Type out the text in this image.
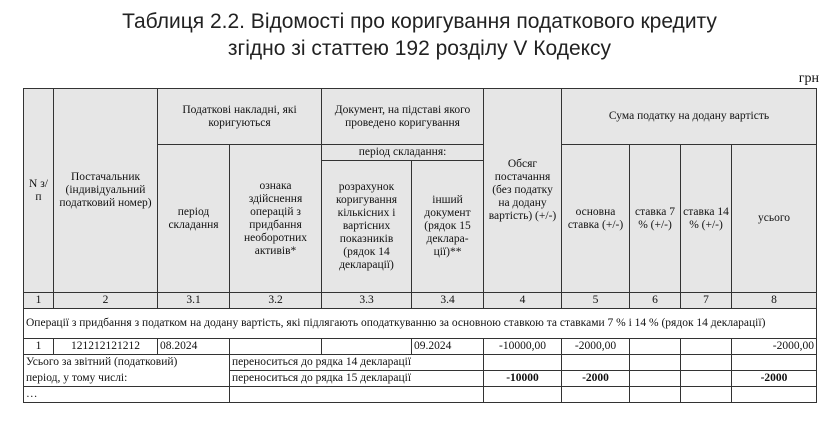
Таблиця 2.2. Відомості про коригування податкового кредиту
згідно зі статтею 192 розділу V Кодексу
грн
N з/п	Постачальник (індивідуальний податковий номер)	Податкові накладні, які коригуються		Документ, на підставі якого проведено коригування		Обсяг постачання (без податку на додану вартість) (+/-)	Сума податку на додану вартість			
		період складання	ознака здійснення операцій з придбання необоротних активів*	період складання:			основна ставка (+/-)	ставка 7 % (+/-)	ставка 14 % (+/-)	усього
				розрахунок коригування кількісних і вартісних показників (рядок 14 декларації)	інший документ (рядок 15 деклара-ції)**					
1	2	3.1	3.2	3.3	3.4	4	5	6	7	8
Операції з придбання з податком на додану вартість, які підлягають оподаткуванню за основною ставкою та ставками 7 % і 14 % (рядок 14 декларації)										
1	121212121212	08.2024			09.2024	-10000,00	-2000,00			-2000,00
Усього за звітний (податковий)			переноситься до рядка 14 декларації							
період, у тому числі:			переноситься до рядка 15 декларації			-10000	-2000			-2000
…										
